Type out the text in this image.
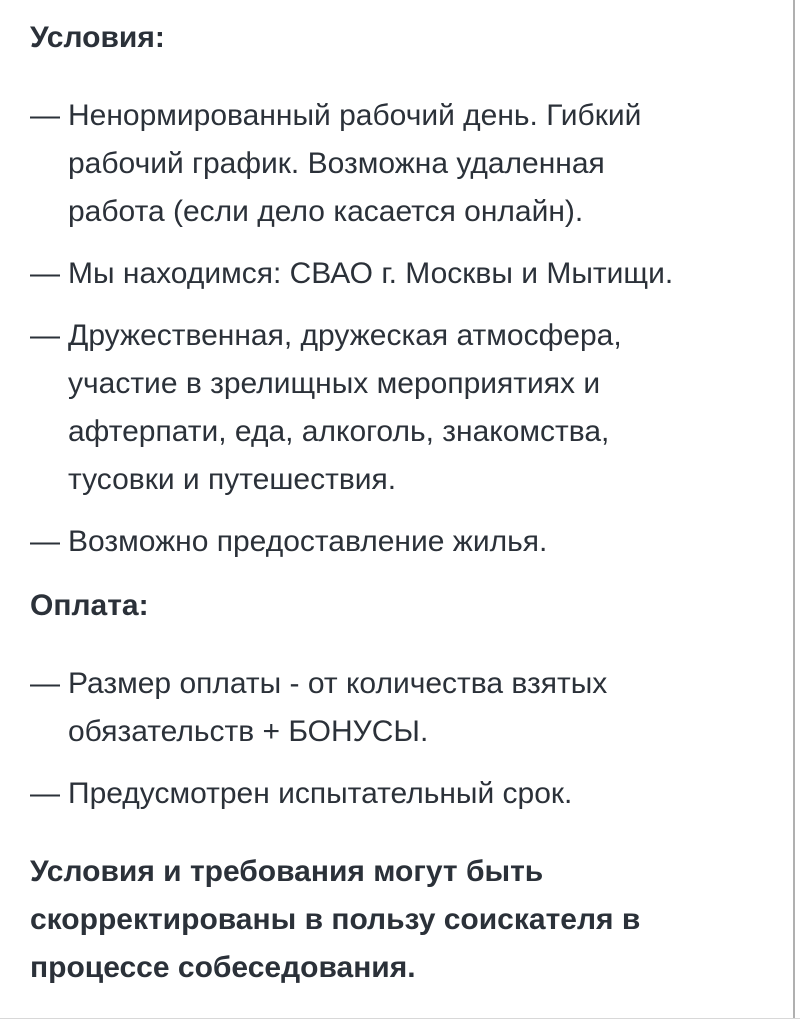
Условия:
— Ненормированный рабочий день. Гибкий рабочий график. Возможна удаленная работа (если дело касается онлайн).
— Мы находимся: СВАО г. Москвы и Мытищи.
— Дружественная, дружеская атмосфера, участие в зрелищных мероприятиях и афтерпати, еда, алкоголь, знакомства, тусовки и путешествия.
— Возможно предоставление жилья.
Оплата:
— Размер оплаты - от количества взятых обязательств + БОНУСЫ.
— Предусмотрен испытательный срок.

Условия и требования могут быть скорректированы в пользу соискателя в процессе собеседования.
